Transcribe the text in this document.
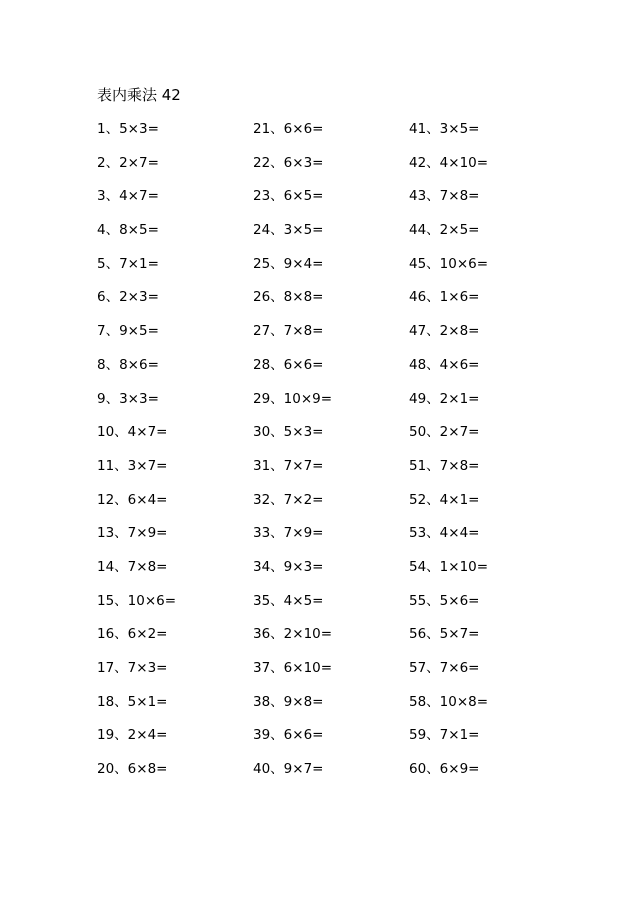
表内乘法 42
1、5×3=
2、2×7=
3、4×7=
4、8×5=
5、7×1=
6、2×3=
7、9×5=
8、8×6=
9、3×3=
10、4×7=
11、3×7=
12、6×4=
13、7×9=
14、7×8=
15、10×6=
16、6×2=
17、7×3=
18、5×1=
19、2×4=
20、6×8=
21、6×6=
22、6×3=
23、6×5=
24、3×5=
25、9×4=
26、8×8=
27、7×8=
28、6×6=
29、10×9=
30、5×3=
31、7×7=
32、7×2=
33、7×9=
34、9×3=
35、4×5=
36、2×10=
37、6×10=
38、9×8=
39、6×6=
40、9×7=
41、3×5=
42、4×10=
43、7×8=
44、2×5=
45、10×6=
46、1×6=
47、2×8=
48、4×6=
49、2×1=
50、2×7=
51、7×8=
52、4×1=
53、4×4=
54、1×10=
55、5×6=
56、5×7=
57、7×6=
58、10×8=
59、7×1=
60、6×9=
